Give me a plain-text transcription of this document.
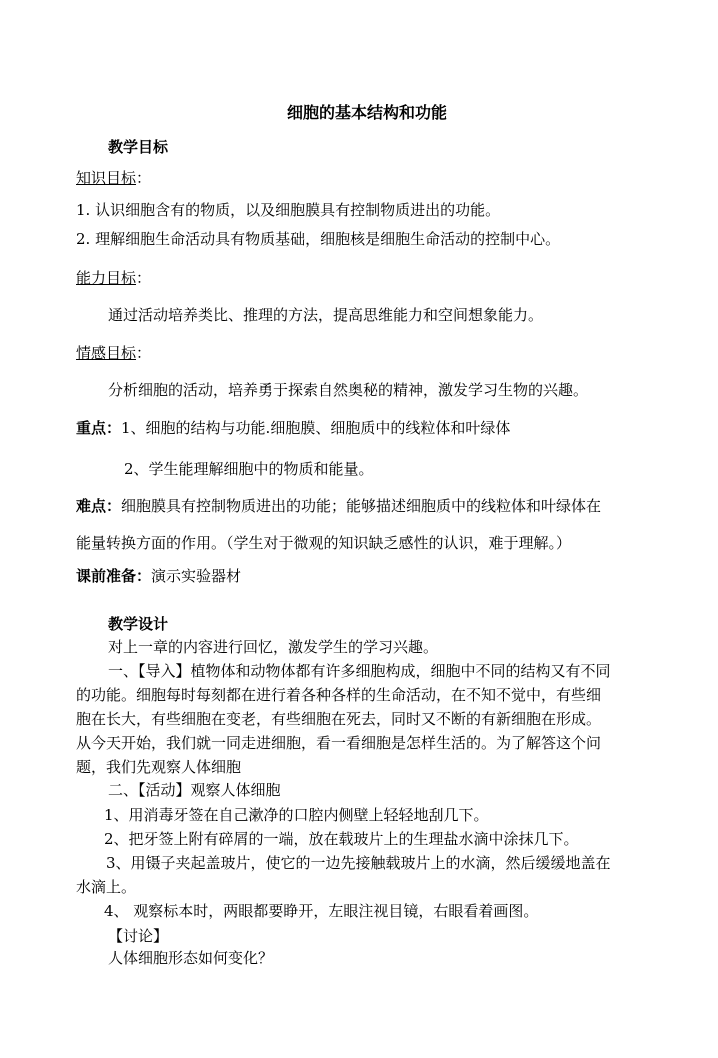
细胞的基本结构和功能
教学目标
知识目标：
1. 认识细胞含有的物质，以及细胞膜具有控制物质进出的功能。
2. 理解细胞生命活动具有物质基础，细胞核是细胞生命活动的控制中心。
能力目标：
通过活动培养类比、推理的方法，提高思维能力和空间想象能力。
情感目标：
分析细胞的活动，培养勇于探索自然奥秘的精神，激发学习生物的兴趣。
重点：1、细胞的结构与功能.细胞膜、细胞质中的线粒体和叶绿体
2、学生能理解细胞中的物质和能量。
难点：细胞膜具有控制物质进出的功能；能够描述细胞质中的线粒体和叶绿体在
能量转换方面的作用。（学生对于微观的知识缺乏感性的认识，难于理解。）
课前准备：演示实验器材
教学设计
对上一章的内容进行回忆，激发学生的学习兴趣。
一、【导入】植物体和动物体都有许多细胞构成，细胞中不同的结构又有不同
的功能。细胞每时每刻都在进行着各种各样的生命活动，在不知不觉中，有些细
胞在长大，有些细胞在变老，有些细胞在死去，同时又不断的有新细胞在形成。
从今天开始，我们就一同走进细胞，看一看细胞是怎样生活的。为了解答这个问
题，我们先观察人体细胞
二、【活动】观察人体细胞
1、用消毒牙签在自己漱净的口腔内侧壁上轻轻地刮几下。
2、把牙签上附有碎屑的一端，放在载玻片上的生理盐水滴中涂抹几下。
3、用镊子夹起盖玻片，使它的一边先接触载玻片上的水滴，然后缓缓地盖在
水滴上。
4、 观察标本时，两眼都要睁开，左眼注视目镜，右眼看着画图。
【讨论】
人体细胞形态如何变化？
